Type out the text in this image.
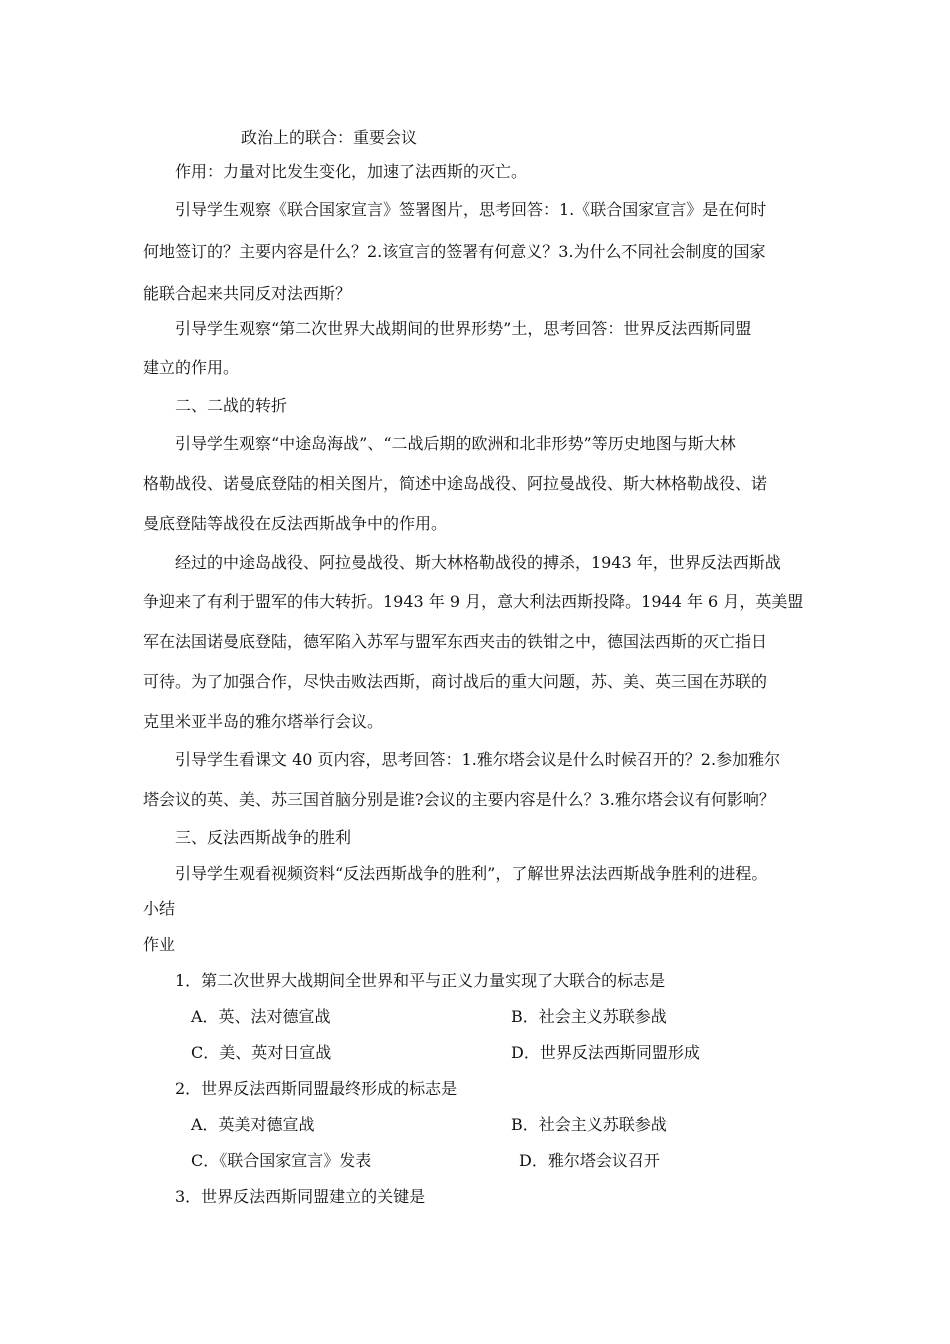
政治上的联合：重要会议
作用：力量对比发生变化，加速了法西斯的灭亡。
引导学生观察《联合国家宣言》签署图片，思考回答：1.《联合国家宣言》是在何时
何地签订的？主要内容是什么？2.该宣言的签署有何意义？3.为什么不同社会制度的国家
能联合起来共同反对法西斯？
引导学生观察“第二次世界大战期间的世界形势”土，思考回答：世界反法西斯同盟
建立的作用。
二、二战的转折
引导学生观察“中途岛海战”、“二战后期的欧洲和北非形势”等历史地图与斯大林
格勒战役、诺曼底登陆的相关图片，简述中途岛战役、阿拉曼战役、斯大林格勒战役、诺
曼底登陆等战役在反法西斯战争中的作用。
经过的中途岛战役、阿拉曼战役、斯大林格勒战役的搏杀，1943 年，世界反法西斯战
争迎来了有利于盟军的伟大转折。1943 年 9 月，意大利法西斯投降。1944 年 6 月，英美盟
军在法国诺曼底登陆，德军陷入苏军与盟军东西夹击的铁钳之中，德国法西斯的灭亡指日
可待。为了加强合作，尽快击败法西斯，商讨战后的重大问题，苏、美、英三国在苏联的
克里米亚半岛的雅尔塔举行会议。
引导学生看课文 40 页内容，思考回答：1.雅尔塔会议是什么时候召开的？2.参加雅尔
塔会议的英、美、苏三国首脑分别是谁?会议的主要内容是什么？3.雅尔塔会议有何影响？
三、反法西斯战争的胜利
引导学生观看视频资料“反法西斯战争的胜利”，了解世界法法西斯战争胜利的进程。
小结
作业
1．第二次世界大战期间全世界和平与正义力量实现了大联合的标志是
A．英、法对德宣战	B．社会主义苏联参战
C．美、英对日宣战	D．世界反法西斯同盟形成
2．世界反法西斯同盟最终形成的标志是
A．英美对德宣战	B．社会主义苏联参战
C．《联合国家宣言》发表	D．雅尔塔会议召开
3．世界反法西斯同盟建立的关键是
